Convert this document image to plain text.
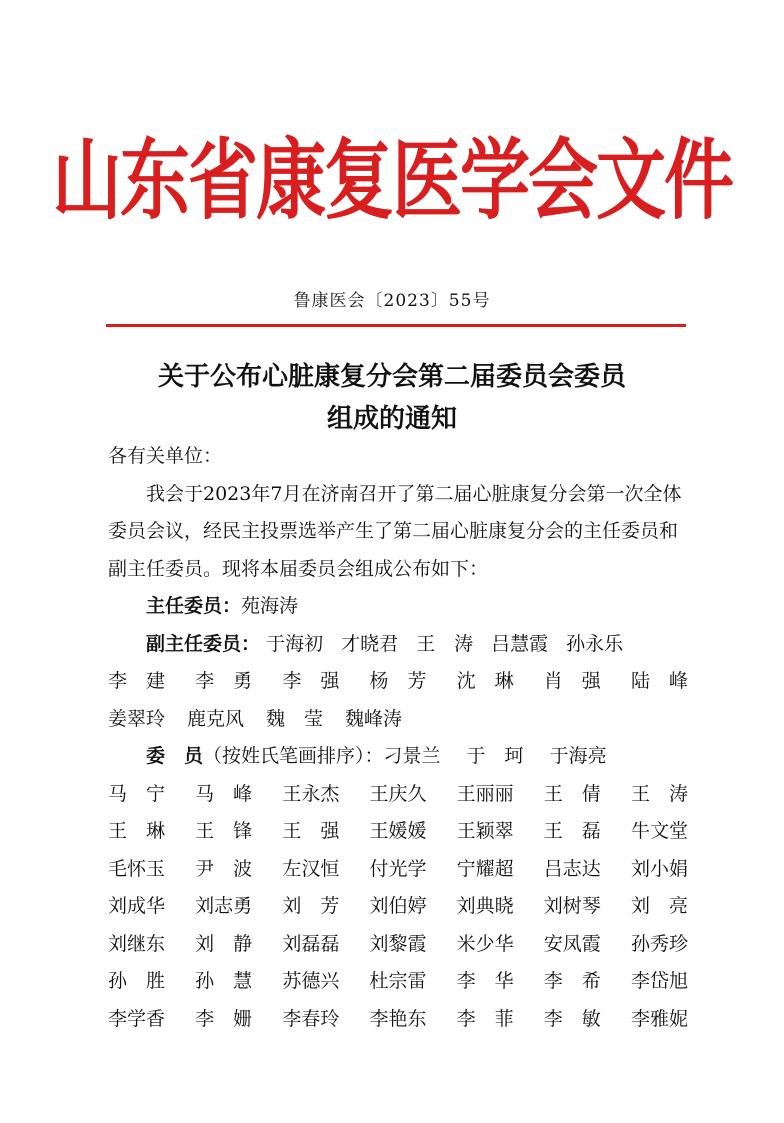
山东省康复医学会文件
鲁康医会〔2023〕55号
关于公布心脏康复分会第二届委员会委员
组成的通知

各有关单位：

我会于2023年7月在济南召开了第二届心脏康复分会第一次全体委员会议，经民主投票选举产生了第二届心脏康复分会的主任委员和副主任委员。现将本届委员会组成公布如下：

主任委员：苑海涛
副主任委员： 于海初 才晓君 王　涛 吕慧霞 孙永乐
李　建 李　勇 李　强 杨　芳 沈　琳 肖　强 陆　峰
姜翠玲 鹿克风 魏　莹 魏峰涛
委　员（按姓氏笔画排序）：刁景兰 于　珂 于海亮
马　宁 马　峰 王永杰 王庆久 王丽丽 王　倩 王　涛
王　琳 王　锋 王　强 王媛媛 王颖翠 王　磊 牛文堂
毛怀玉 尹　波 左汉恒 付光学 宁耀超 吕志达 刘小娟
刘成华 刘志勇 刘　芳 刘伯婷 刘典晓 刘树琴 刘　亮
刘继东 刘　静 刘磊磊 刘黎霞 米少华 安凤霞 孙秀珍
孙　胜 孙　慧 苏德兴 杜宗雷 李　华 李　希 李岱旭
李学香 李　姗 李春玲 李艳东 李　菲 李　敏 李雅妮
